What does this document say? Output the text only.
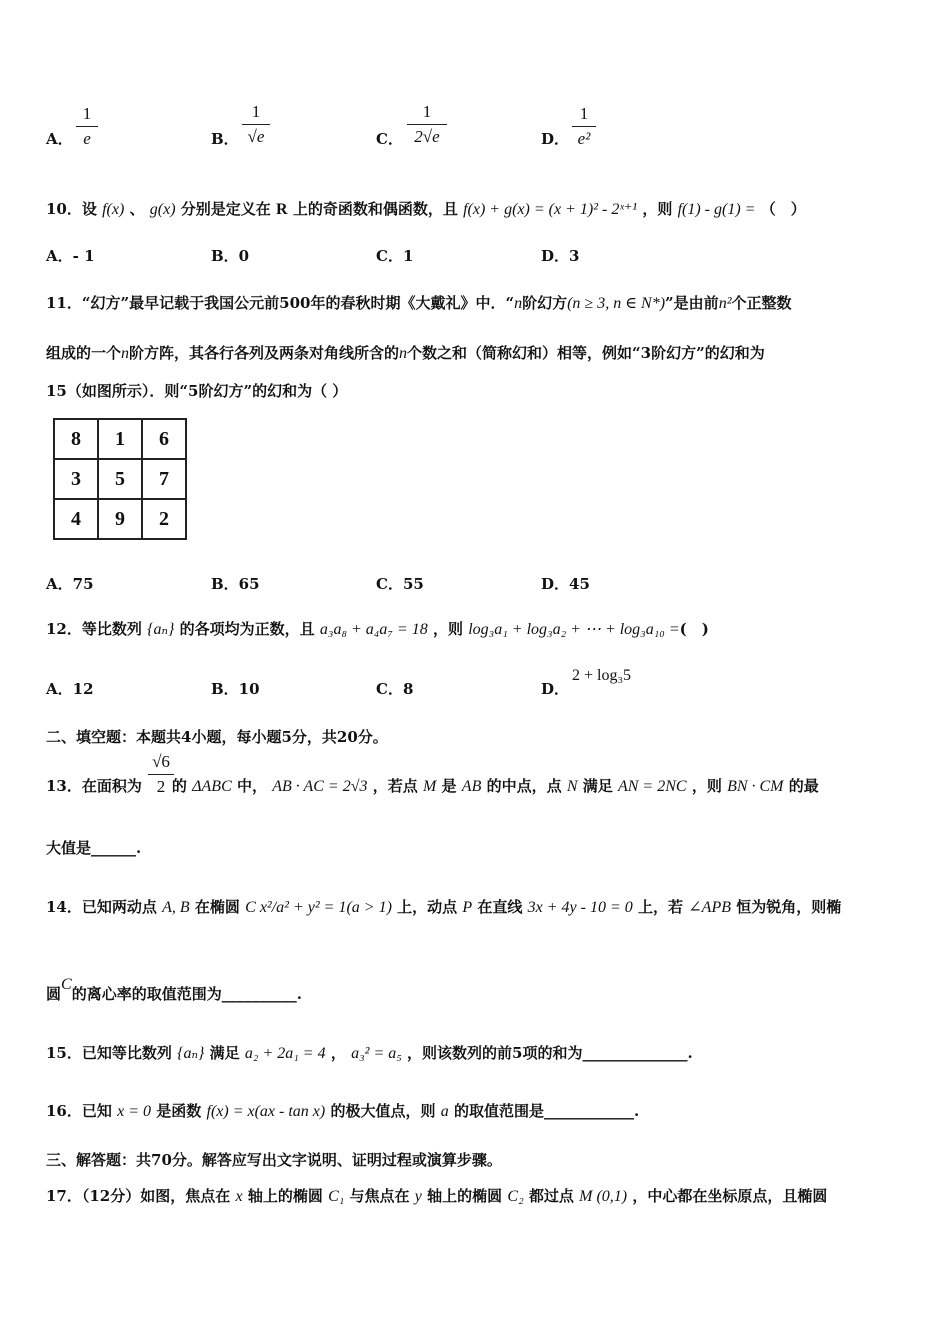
A．
1
e	B．
1
√e	C．
1
2√e	D．
1
e²
10．设 f(x) 、 g(x) 分别是定义在 R 上的奇函数和偶函数，且 f(x) + g(x) = (x + 1)² - 2ˣ⁺¹ ，则 f(1) - g(1) = （　）
A．- 1	B．0	C．1	D．3
11．“幻方”最早记载于我国公元前500年的春秋时期《大戴礼》中．“n阶幻方(n ≥ 3, n ∈ N*)”是由前n²个正整数
组成的一个n阶方阵，其各行各列及两条对角线所含的n个数之和（简称幻和）相等，例如“3阶幻方”的幻和为
15（如图所示）．则“5阶幻方”的幻和为（ ）
8	1	6
3	5	7
4	9	2
A．75	B．65	C．55	D．45
12．等比数列 {aₙ} 的各项均为正数，且 a₃a₈ + a₄a₇ = 18 ，则 log₃a₁ + log₃a₂ + ⋯ + log₃a₁₀ =(　)
A．12	B．10	C．8	D．
2 + log₃5
二、填空题：本题共4小题，每小题5分，共20分。
√6
2
13．在面积为 的 ΔABC 中， AB · AC = 2√3 ，若点 M 是 AB 的中点，点 N 满足 AN = 2NC ，则 BN · CM 的最
大值是______.
14．已知两动点 A, B 在椭圆 C x²/a² + y² = 1(a > 1) 上，动点 P 在直线 3x + 4y - 10 = 0 上，若 ∠APB 恒为锐角，则椭
圆C的离心率的取值范围为__________.
15．已知等比数列 {aₙ} 满足 a₂ + 2a₁ = 4 ， a₃² = a₅ ，则该数列的前5项的和为______________.
16．已知 x = 0 是函数 f(x) = x(ax - tan x) 的极大值点，则 a 的取值范围是____________.
三、解答题：共70分。解答应写出文字说明、证明过程或演算步骤。
17．（12分）如图，焦点在 x 轴上的椭圆 C₁ 与焦点在 y 轴上的椭圆 C₂ 都过点 M (0,1) ，中心都在坐标原点，且椭圆
